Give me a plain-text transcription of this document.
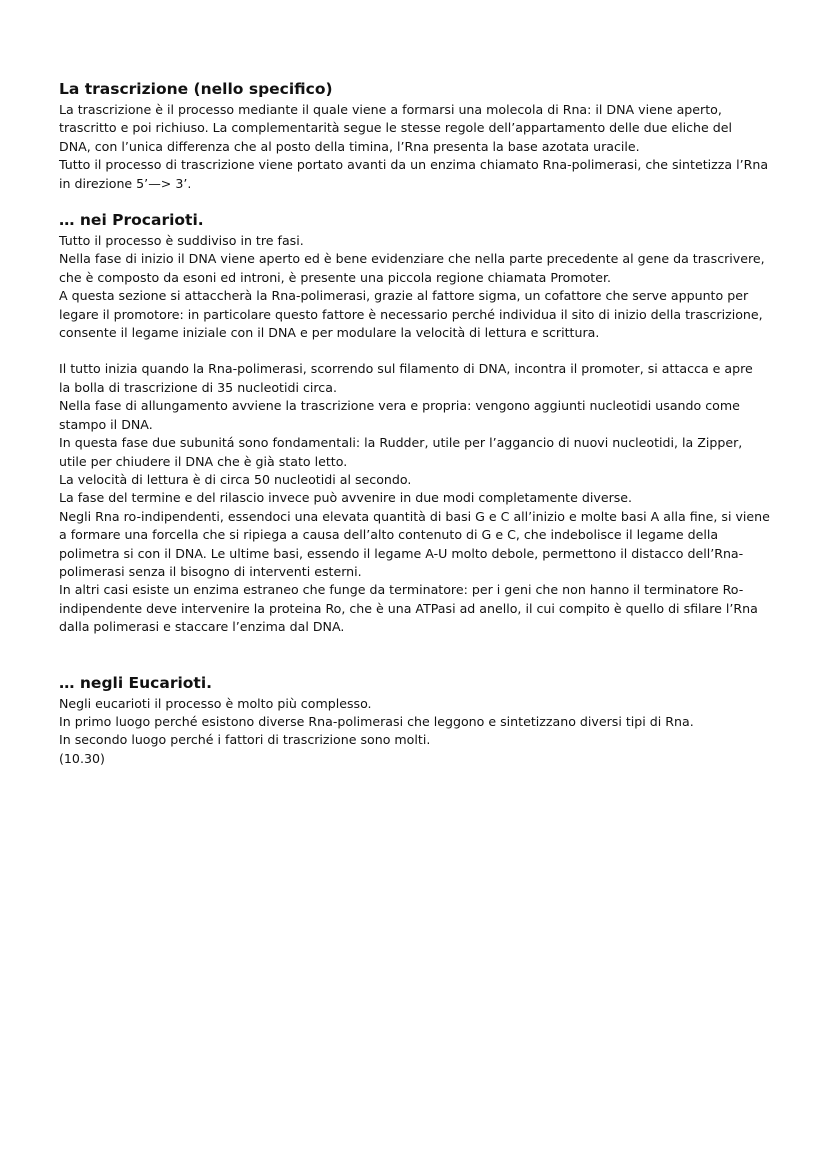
La trascrizione (nello specifico)
La trascrizione è il processo mediante il quale viene a formarsi una molecola di Rna: il DNA viene aperto,
trascritto e poi richiuso. La complementarità segue le stesse regole dell’appartamento delle due eliche del
DNA, con l’unica differenza che al posto della timina, l’Rna presenta la base azotata uracile.
Tutto il processo di trascrizione viene portato avanti da un enzima chiamato Rna-polimerasi, che sintetizza l’Rna
in direzione 5’—> 3’.
… nei Procarioti.
Tutto il processo è suddiviso in tre fasi.
Nella fase di inizio il DNA viene aperto ed è bene evidenziare che nella parte precedente al gene da trascrivere,
che è composto da esoni ed introni, è presente una piccola regione chiamata Promoter.
A questa sezione si attaccherà la Rna-polimerasi, grazie al fattore sigma, un cofattore che serve appunto per
legare il promotore: in particolare questo fattore è necessario perché individua il sito di inizio della trascrizione,
consente il legame iniziale con il DNA e per modulare la velocità di lettura e scrittura.
Il tutto inizia quando la Rna-polimerasi, scorrendo sul filamento di DNA, incontra il promoter, si attacca e apre
la bolla di trascrizione di 35 nucleotidi circa.
Nella fase di allungamento avviene la trascrizione vera e propria: vengono aggiunti nucleotidi usando come
stampo il DNA.
In questa fase due subunitá sono fondamentali: la Rudder, utile per l’aggancio di nuovi nucleotidi, la Zipper,
utile per chiudere il DNA che è già stato letto.
La velocità di lettura è di circa 50 nucleotidi al secondo.
La fase del termine e del rilascio invece può avvenire in due modi completamente diverse.
Negli Rna ro-indipendenti, essendoci una elevata quantità di basi G e C all’inizio e molte basi A alla fine, si viene
a formare una forcella che si ripiega a causa dell’alto contenuto di G e C, che indebolisce il legame della
polimetra si con il DNA. Le ultime basi, essendo il legame A-U molto debole, permettono il distacco dell’Rna-
polimerasi senza il bisogno di interventi esterni.
In altri casi esiste un enzima estraneo che funge da terminatore: per i geni che non hanno il terminatore Ro-
indipendente deve intervenire la proteina Ro, che è una ATPasi ad anello, il cui compito è quello di sfilare l’Rna
dalla polimerasi e staccare l’enzima dal DNA.
… negli Eucarioti.
Negli eucarioti il processo è molto più complesso.
In primo luogo perché esistono diverse Rna-polimerasi che leggono e sintetizzano diversi tipi di Rna.
In secondo luogo perché i fattori di trascrizione sono molti.
(10.30)
